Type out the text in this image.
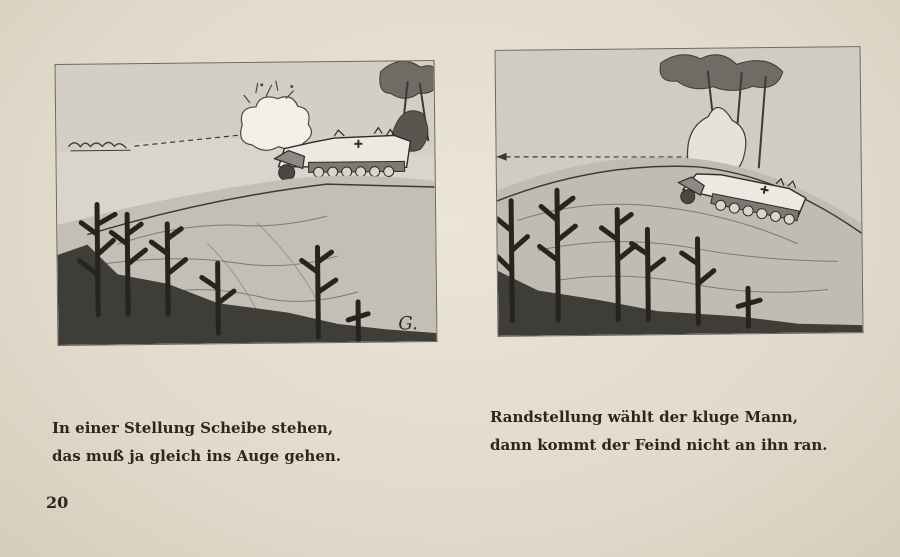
G.
In einer Stellung Scheibe stehen,
das muß ja gleich ins Auge gehen.
Randstellung wählt der kluge Mann,
dann kommt der Feind nicht an ihn ran.
20
